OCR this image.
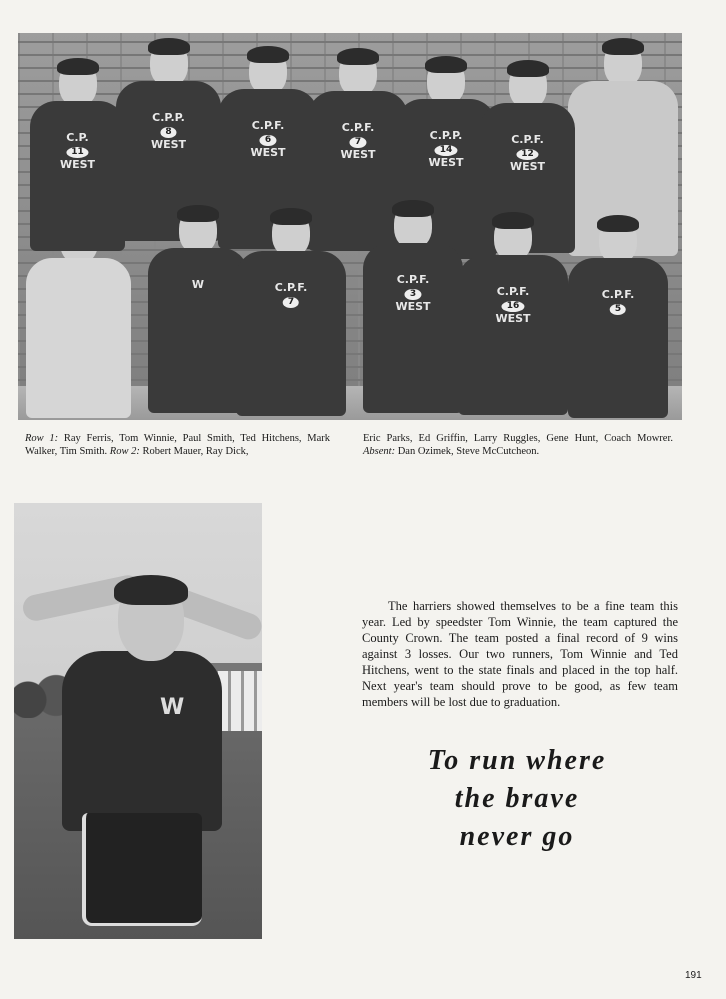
C.P.
11
WEST
C.P.P.
8
WEST
C.P.F.
6
WEST
C.P.F.
7
WEST
C.P.P.
14
WEST
C.P.F.
12
WEST
W	C.P.F.
7
C.P.F.
3
WEST
C.P.F.
16
WEST
C.P.F.
5

Row 1: Ray Ferris, Tom Winnie, Paul Smith, Ted Hitchens, Mark Walker, Tim Smith. Row 2: Robert Mauer, Ray Dick,

Eric Parks, Ed Griffin, Larry Ruggles, Gene Hunt, Coach Mowrer. Absent: Dan Ozimek, Steve McCutcheon.

W

The harriers showed themselves to be a fine team this year. Led by speedster Tom Winnie, the team captured the County Crown. The team posted a final record of 9 wins against 3 losses. Our two runners, Tom Winnie and Ted Hitchens, went to the state finals and placed in the top half. Next year's team should prove to be good, as few team members will be lost due to graduation.

To run where
the brave
never go
191
